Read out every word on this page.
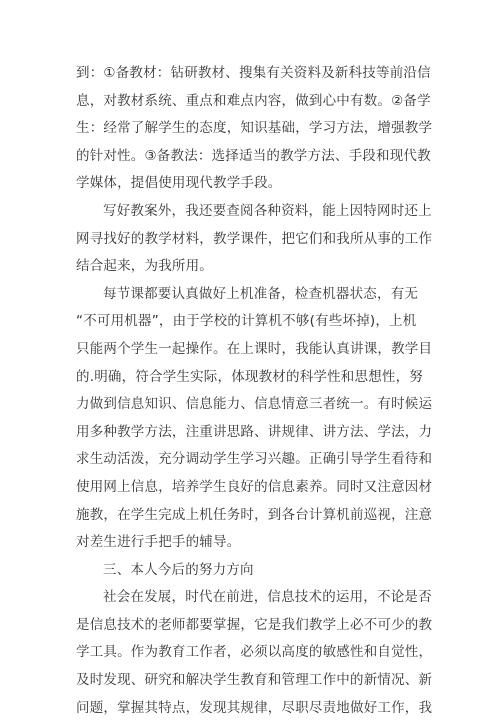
到：①备教材：钻研教材、搜集有关资料及新科技等前沿信
息，对教材系统、重点和难点内容，做到心中有数。②备学
生：经常了解学生的态度，知识基础，学习方法，增强教学
的针对性。③备教法：选择适当的教学方法、手段和现代教
学媒体，提倡使用现代教学手段。
写好教案外，我还要查阅各种资料，能上因特网时还上
网寻找好的教学材料，教学课件，把它们和我所从事的工作
结合起来，为我所用。
每节课都要认真做好上机准备，检查机器状态，有无
“不可用机器”，由于学校的计算机不够(有些坏掉)，上机
只能两个学生一起操作。在上课时，我能认真讲课，教学目
的.明确，符合学生实际，体现教材的科学性和思想性，努
力做到信息知识、信息能力、信息情意三者统一。有时候运
用多种教学方法，注重讲思路、讲规律、讲方法、学法，力
求生动活泼，充分调动学生学习兴趣。正确引导学生看待和
使用网上信息，培养学生良好的信息素养。同时又注意因材
施教，在学生完成上机任务时，到各台计算机前巡视，注意
对差生进行手把手的辅导。
三、本人今后的努力方向
社会在发展，时代在前进，信息技术的运用，不论是否
是信息技术的老师都要掌握，它是我们教学上必不可少的教
学工具。作为教育工作者，必须以高度的敏感性和自觉性，
及时发现、研究和解决学生教育和管理工作中的新情况、新
问题，掌握其特点，发现其规律，尽职尽责地做好工作，我
